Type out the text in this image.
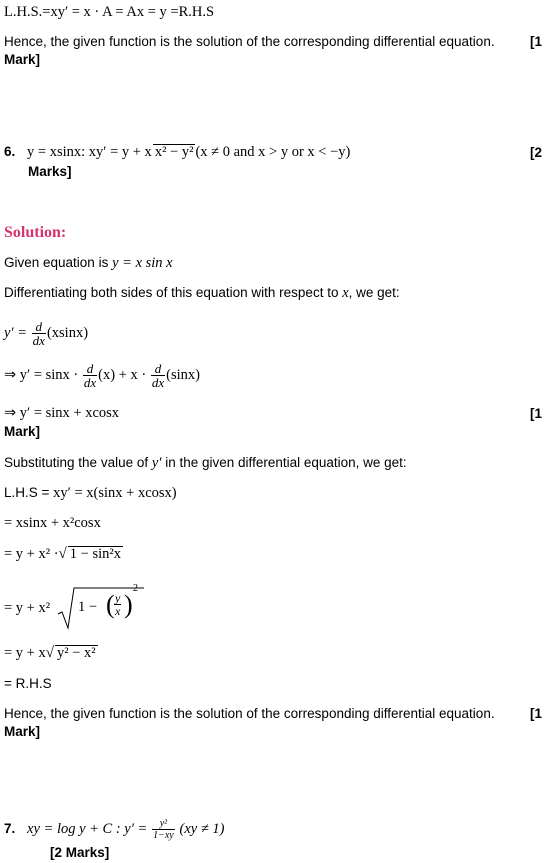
L.H.S.=xy′ = x · A = Ax = y =R.H.S
Hence, the given function is the solution of the corresponding differential equation.	[1
Mark]
6. y = xsinx: xy′ = y + x x² − y² (x ≠ 0 and x > y or x < −y)	[2
Marks]
Solution:
Given equation is y = x sin x
Differentiating both sides of this equation with respect to x, we get:
$y' = \frac{d}{dx} (xsinx)$
⇒ $y' = \sin x \cdot \frac{d}{dx} (x) + x \cdot \frac{d}{dx} (\sin x)$
⇒ y′ = sinx + xcosx	[1
Mark]
Substituting the value of y′ in the given differential equation, we get:
L.H.S = xy′ = x(sinx + xcosx)
= xsinx + x²cosx
= y + x² ·√ 1 − sin²x
= y + x² 1 − ( $\frac{y}{x}$ )
2
= y + x√ y² − x²
= R.H.S
Hence, the given function is the solution of the corresponding differential equation.	[1
Mark]
7. xy = log y + C : $y' = \frac{\text{y²}}{1-xy} (xy \ne 1)$
[2 Marks]
